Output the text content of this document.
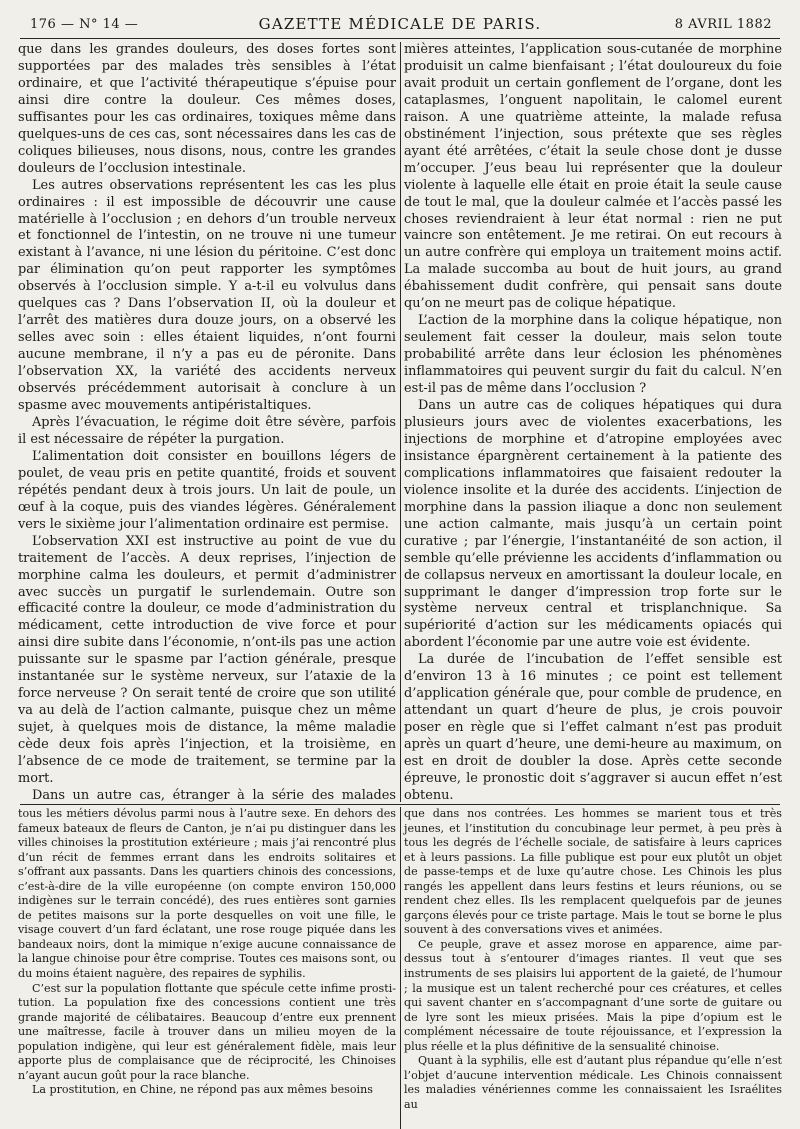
176 — N° 14 —	GAZETTE MÉDICALE DE PARIS.	8 AVRIL 1882

que dans les grandes douleurs, des doses fortes sont supportées par des malades très sensibles à l’état ordinaire, et que l’activité thérapeutique s’épuise pour ainsi dire contre la douleur. Ces mêmes doses, suffisantes pour les cas ordinaires, toxiques même dans quelques-uns de ces cas, sont nécessaires dans les cas de coliques bilieuses, nous disons, nous, contre les grandes douleurs de l’occlusion intestinale.

Les autres observations représentent les cas les plus ordinaires : il est impossible de découvrir une cause matérielle à l’occlusion ; en dehors d’un trouble nerveux et fonctionnel de l’intestin, on ne trouve ni une tumeur existant à l’avance, ni une lésion du péritoine. C’est donc par élimination qu’on peut rapporter les symptômes observés à l’occlusion simple. Y a-t-il eu volvulus dans quelques cas ? Dans l’observation II, où la douleur et l’arrêt des matières dura douze jours, on a observé les selles avec soin : elles étaient liquides, n’ont fourni aucune membrane, il n’y a pas eu de péronite. Dans l’observation XX, la variété des accidents nerveux observés précédemment autorisait à conclure à un spasme avec mouvements antipéristaltiques.

Après l’évacuation, le régime doit être sévère, parfois il est nécessaire de répéter la purgation.

L’alimentation doit consister en bouillons légers de poulet, de veau pris en petite quantité, froids et souvent répétés pendant deux à trois jours. Un lait de poule, un œuf à la coque, puis des viandes légères. Généralement vers le sixième jour l’alimentation ordinaire est permise.

L’observation XXI est instructive au point de vue du traitement de l’accès. A deux reprises, l’injection de morphine calma les douleurs, et permit d’administrer avec succès un purgatif le surlendemain. Outre son efficacité contre la douleur, ce mode d’administration du médicament, cette introduction de vive force et pour ainsi dire subite dans l’économie, n’ont-ils pas une action puissante sur le spasme par l’action générale, presque instantanée sur le système nerveux, sur l’ataxie de la force nerveuse ? On serait tenté de croire que son utilité va au delà de l’action calmante, puisque chez un même sujet, à quelques mois de distance, la même maladie cède deux fois après l’injection, et la troisième, en l’absence de ce mode de traitement, se termine par la mort.

Dans un autre cas, étranger à la série des malades

mières atteintes, l’application sous-cutanée de morphine produisit un calme bienfaisant ; l’état douloureux du foie avait produit un certain gonflement de l’organe, dont les cataplasmes, l’onguent napolitain, le calomel eurent raison. A une quatrième atteinte, la malade refusa obstinément l’injection, sous prétexte que ses règles ayant été arrêtées, c’était la seule chose dont je dusse m’occuper. J’eus beau lui représenter que la douleur violente à laquelle elle était en proie était la seule cause de tout le mal, que la douleur calmée et l’accès passé les choses reviendraient à leur état normal : rien ne put vaincre son entêtement. Je me retirai. On eut recours à un autre confrère qui employa un traitement moins actif. La malade succomba au bout de huit jours, au grand ébahissement dudit confrère, qui pensait sans doute qu’on ne meurt pas de colique hépatique.

L’action de la morphine dans la colique hépatique, non seulement fait cesser la douleur, mais selon toute probabilité arrête dans leur éclosion les phénomènes inflammatoires qui peuvent surgir du fait du calcul. N’en est-il pas de même dans l’occlusion ?

Dans un autre cas de coliques hépatiques qui dura plusieurs jours avec de violentes exacerbations, les injections de morphine et d’atropine employées avec insistance épargnèrent certainement à la patiente des complications inflammatoires que faisaient redouter la violence insolite et la durée des accidents. L’injection de morphine dans la passion iliaque a donc non seulement une action calmante, mais jusqu’à un certain point curative ; par l’énergie, l’instantanéité de son action, il semble qu’elle prévienne les accidents d’inflammation ou de collapsus nerveux en amortissant la douleur locale, en supprimant le danger d’impression trop forte sur le système nerveux central et trisplanchnique. Sa supériorité d’action sur les médicaments opiacés qui abordent l’économie par une autre voie est évidente.

La durée de l’incubation de l’effet sensible est d’environ 13 à 16 minutes ; ce point est tellement d’application générale que, pour comble de prudence, en attendant un quart d’heure de plus, je crois pouvoir poser en règle que si l’effet calmant n’est pas produit après un quart d’heure, une demi-heure au maximum, on est en droit de doubler la dose. Après cette seconde épreuve, le pronostic doit s’aggraver si aucun effet n’est obtenu.

tous les métiers dévolus parmi nous à l’autre sexe. En dehors des fameux bateaux de fleurs de Canton, je n’ai pu distinguer dans les villes chinoises la prostitution extérieure ; mais j’ai rencontré plus d’un récit de femmes errant dans les endroits solitaires et s’offrant aux passants. Dans les quartiers chinois des concessions, c’est-à-dire de la ville européenne (on compte environ 150,000 indigènes sur le terrain concédé), des rues entières sont garnies de petites maisons sur la porte desquelles on voit une fille, le visage couvert d’un fard éclatant, une rose rouge piquée dans les bandeaux noirs, dont la mimique n’exige aucune connaissance de la langue chinoise pour être comprise. Toutes ces maisons sont, ou du moins étaient naguère, des repaires de syphilis.

C’est sur la population flottante que spécule cette infime prostitution. La population fixe des concessions contient une très grande majorité de célibataires. Beaucoup d’entre eux prennent une maîtresse, facile à trouver dans un milieu moyen de la population indigène, qui leur est généralement fidèle, mais leur apporte plus de complaisance que de réciprocité, les Chinoises n’ayant aucun goût pour la race blanche.

La prostitution, en Chine, ne répond pas aux mêmes besoins

que dans nos contrées. Les hommes se marient tous et très jeunes, et l’institution du concubinage leur permet, à peu près à tous les degrés de l’échelle sociale, de satisfaire à leurs caprices et à leurs passions. La fille publique est pour eux plutôt un objet de passe-temps et de luxe qu’autre chose. Les Chinois les plus rangés les appellent dans leurs festins et leurs réunions, ou se rendent chez elles. Ils les remplacent quelquefois par de jeunes garçons élevés pour ce triste partage. Mais le tout se borne le plus souvent à des conversations vives et animées.

Ce peuple, grave et assez morose en apparence, aime par-dessus tout à s’entourer d’images riantes. Il veut que ses instruments de ses plaisirs lui apportent de la gaieté, de l’humour ; la musique est un talent recherché pour ces créatures, et celles qui savent chanter en s’accompagnant d’une sorte de guitare ou de lyre sont les mieux prisées. Mais la pipe d’opium est le complément nécessaire de toute réjouissance, et l’expression la plus réelle et la plus définitive de la sensualité chinoise.

Quant à la syphilis, elle est d’autant plus répandue qu’elle n’est l’objet d’aucune intervention médicale. Les Chinois connaissent les maladies vénériennes comme les connaissaient les Israélites au
